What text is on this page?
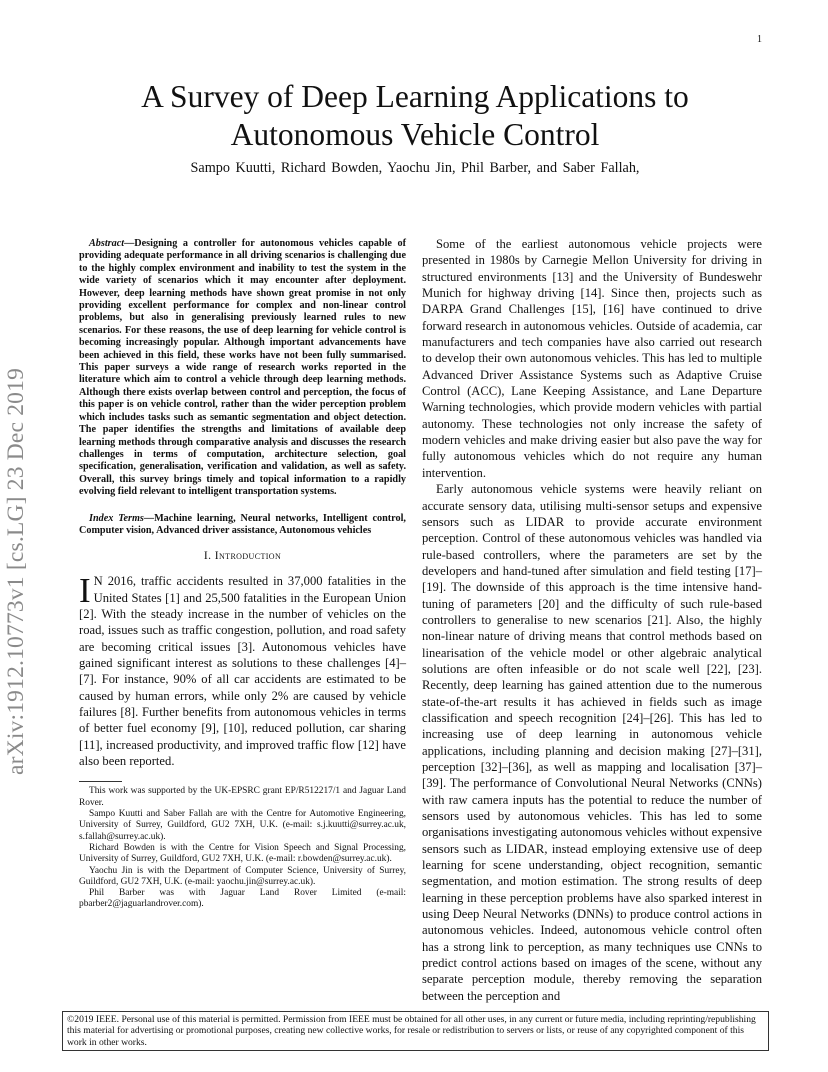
1
A Survey of Deep Learning Applications to Autonomous Vehicle Control
Sampo Kuutti, Richard Bowden, Yaochu Jin, Phil Barber, and Saber Fallah,
arXiv:1912.10773v1 [cs.LG] 23 Dec 2019

Abstract—Designing a controller for autonomous vehicles capable of providing adequate performance in all driving scenarios is challenging due to the highly complex environment and inability to test the system in the wide variety of scenarios which it may encounter after deployment. However, deep learning methods have shown great promise in not only providing excellent performance for complex and non-linear control problems, but also in generalising previously learned rules to new scenarios. For these reasons, the use of deep learning for vehicle control is becoming increasingly popular. Although important advancements have been achieved in this field, these works have not been fully summarised. This paper surveys a wide range of research works reported in the literature which aim to control a vehicle through deep learning methods. Although there exists overlap between control and perception, the focus of this paper is on vehicle control, rather than the wider perception problem which includes tasks such as semantic segmentation and object detection. The paper identifies the strengths and limitations of available deep learning methods through comparative analysis and discusses the research challenges in terms of computation, architecture selection, goal specification, generalisation, verification and validation, as well as safety. Overall, this survey brings timely and topical information to a rapidly evolving field relevant to intelligent transportation systems.

Index Terms—Machine learning, Neural networks, Intelligent control, Computer vision, Advanced driver assistance, Autonomous vehicles

I. Introduction

I N 2016, traffic accidents resulted in 37,000 fatalities in the United States [1] and 25,500 fatalities in the European Union [2]. With the steady increase in the number of vehicles on the road, issues such as traffic congestion, pollution, and road safety are becoming critical issues [3]. Autonomous vehicles have gained significant interest as solutions to these challenges [4]–[7]. For instance, 90% of all car accidents are estimated to be caused by human errors, while only 2% are caused by vehicle failures [8]. Further benefits from autonomous vehicles in terms of better fuel economy [9], [10], reduced pollution, car sharing [11], increased productivity, and improved traffic flow [12] have also been reported.

This work was supported by the UK-EPSRC grant EP/R512217/1 and Jaguar Land Rover.

Sampo Kuutti and Saber Fallah are with the Centre for Automotive Engineering, University of Surrey, Guildford, GU2 7XH, U.K. (e-mail: s.j.kuutti@surrey.ac.uk, s.fallah@surrey.ac.uk).

Richard Bowden is with the Centre for Vision Speech and Signal Processing, University of Surrey, Guildford, GU2 7XH, U.K. (e-mail: r.bowden@surrey.ac.uk).

Yaochu Jin is with the Department of Computer Science, University of Surrey, Guildford, GU2 7XH, U.K. (e-mail: yaochu.jin@surrey.ac.uk).

Phil Barber was with Jaguar Land Rover Limited (e-mail: pbarber2@jaguarlandrover.com).

Some of the earliest autonomous vehicle projects were presented in 1980s by Carnegie Mellon University for driving in structured environments [13] and the University of Bundeswehr Munich for highway driving [14]. Since then, projects such as DARPA Grand Challenges [15], [16] have continued to drive forward research in autonomous vehicles. Outside of academia, car manufacturers and tech companies have also carried out research to develop their own autonomous vehicles. This has led to multiple Advanced Driver Assistance Systems such as Adaptive Cruise Control (ACC), Lane Keeping Assistance, and Lane Departure Warning technologies, which provide modern vehicles with partial autonomy. These technologies not only increase the safety of modern vehicles and make driving easier but also pave the way for fully autonomous vehicles which do not require any human intervention.

Early autonomous vehicle systems were heavily reliant on accurate sensory data, utilising multi-sensor setups and expensive sensors such as LIDAR to provide accurate environment perception. Control of these autonomous vehicles was handled via rule-based controllers, where the parameters are set by the developers and hand-tuned after simulation and field testing [17]–[19]. The downside of this approach is the time intensive hand-tuning of parameters [20] and the difficulty of such rule-based controllers to generalise to new scenarios [21]. Also, the highly non-linear nature of driving means that control methods based on linearisation of the vehicle model or other algebraic analytical solutions are often infeasible or do not scale well [22], [23]. Recently, deep learning has gained attention due to the numerous state-of-the-art results it has achieved in fields such as image classification and speech recognition [24]–[26]. This has led to increasing use of deep learning in autonomous vehicle applications, including planning and decision making [27]–[31], perception [32]–[36], as well as mapping and localisation [37]–[39]. The performance of Convolutional Neural Networks (CNNs) with raw camera inputs has the potential to reduce the number of sensors used by autonomous vehicles. This has led to some organisations investigating autonomous vehicles without expensive sensors such as LIDAR, instead employing extensive use of deep learning for scene understanding, object recognition, semantic segmentation, and motion estimation. The strong results of deep learning in these perception problems have also sparked interest in using Deep Neural Networks (DNNs) to produce control actions in autonomous vehicles. Indeed, autonomous vehicle control often has a strong link to perception, as many techniques use CNNs to predict control actions based on images of the scene, without any separate perception module, thereby removing the separation between the perception and

©2019 IEEE. Personal use of this material is permitted. Permission from IEEE must be obtained for all other uses, in any current or future media, including reprinting/republishing this material for advertising or promotional purposes, creating new collective works, for resale or redistribution to servers or lists, or reuse of any copyrighted component of this work in other works.
